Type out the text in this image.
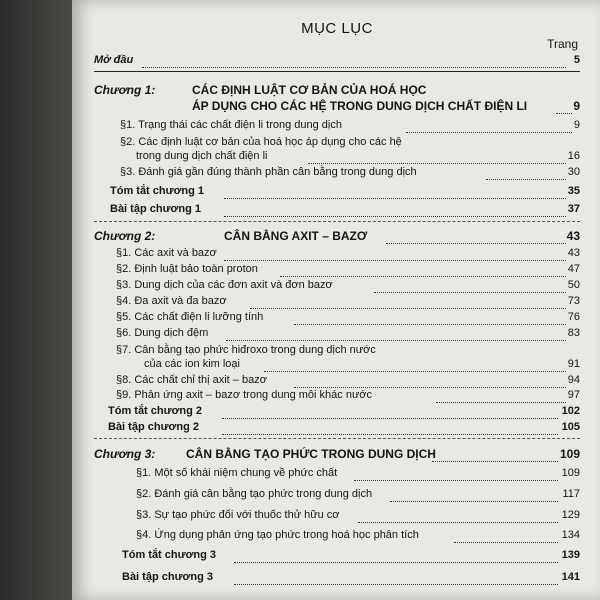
MỤC LỤC
Trang
Mở đầu	5
Chương 1:	CÁC ĐỊNH LUẬT CƠ BẢN CỦA HOÁ HỌC
ÁP DỤNG CHO CÁC HỆ TRONG DUNG DỊCH CHẤT ĐIỆN LI	9
§1. Trạng thái các chất điện li trong dung dịch	9
§2. Các định luật cơ bản của hoá học áp dụng cho các hệ
trong dung dịch chất điện li	16
§3. Đánh giá gần đúng thành phần cân bằng trong dung dịch	30
Tóm tắt chương 1	35
Bài tập chương 1	37
Chương 2:	CÂN BẰNG AXIT – BAZƠ	43
§1. Các axit và bazơ	43
§2. Định luật bảo toàn proton	47
§3. Dung dịch của các đơn axit và đơn bazơ	50
§4. Đa axit và đa bazơ	73
§5. Các chất điện li lưỡng tính	76
§6. Dung dịch đệm	83
§7. Cân bằng tạo phức hiđroxo trong dung dịch nước
của các ion kim loại	91
§8. Các chất chỉ thị axit – bazơ	94
§9. Phản ứng axit – bazơ trong dung môi khác nước	97
Tóm tắt chương 2	102
Bài tập chương 2	105
Chương 3:	CÂN BẰNG TẠO PHỨC TRONG DUNG DỊCH	109
§1. Một số khái niệm chung về phức chất	109
§2. Đánh giá cân bằng tạo phức trong dung dịch	117
§3. Sự tạo phức đối với thuốc thử hữu cơ	129
§4. Ứng dụng phản ứng tạo phức trong hoá học phân tích	134
Tóm tắt chương 3	139
Bài tập chương 3	141
